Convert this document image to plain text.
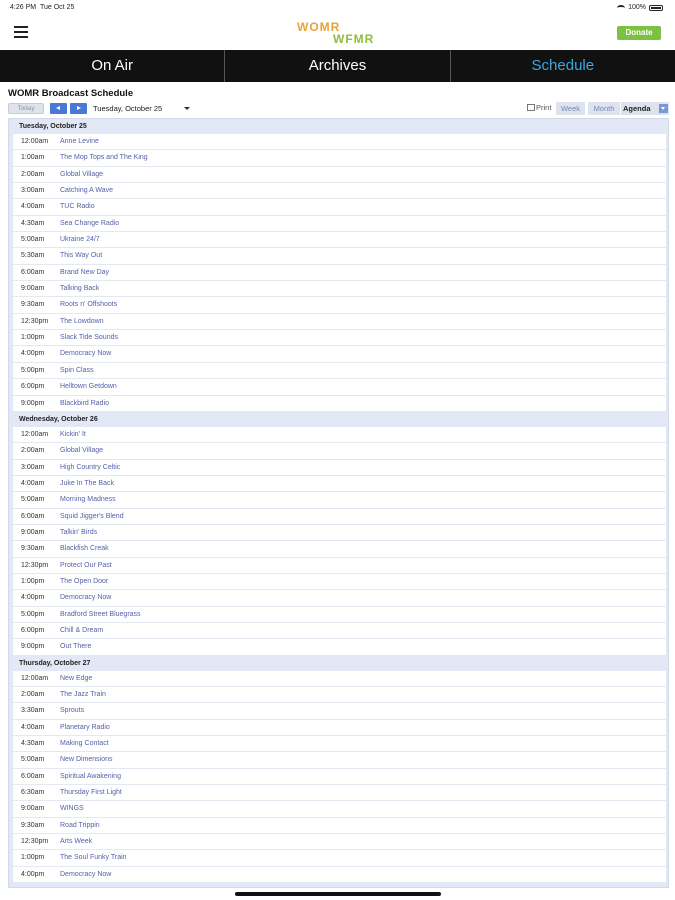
4:26 PM Tue Oct 25	100%
WOMR
WFMR	Donate
On Air	Archives	Schedule
WOMR Broadcast Schedule
Today	Tuesday, October 25	Print	Week	Month	Agenda
Tuesday, October 25
12:00am	Anne Levine
1:00am	The Mop Tops and The King
2:00am	Global Village
3:00am	Catching A Wave
4:00am	TUC Radio
4:30am	Sea Change Radio
5:00am	Ukraine 24/7
5:30am	This Way Out
6:00am	Brand New Day
9:00am	Talking Back
9:30am	Roots n' Offshoots
12:30pm	The Lowdown
1:00pm	Slack Tide Sounds
4:00pm	Democracy Now
5:00pm	Spin Class
6:00pm	Helltown Getdown
9:00pm	Blackbird Radio
Wednesday, October 26
12:00am	Kickin' It
2:00am	Global Village
3:00am	High Country Celtic
4:00am	Juke In The Back
5:00am	Morning Madness
6:00am	Squid Jigger's Blend
9:00am	Talkin' Birds
9:30am	Blackfish Creak
12:30pm	Protect Our Past
1:00pm	The Open Door
4:00pm	Democracy Now
5:00pm	Bradford Street Bluegrass
6:00pm	Chill & Dream
9:00pm	Out There
Thursday, October 27
12:00am	New Edge
2:00am	The Jazz Train
3:30am	Sprouts
4:00am	Planetary Radio
4:30am	Making Contact
5:00am	New Dimensions
6:00am	Spiritual Awakening
6:30am	Thursday First Light
9:00am	WINGS
9:30am	Road Trippin
12:30pm	Arts Week
1:00pm	The Soul Funky Train
4:00pm	Democracy Now
